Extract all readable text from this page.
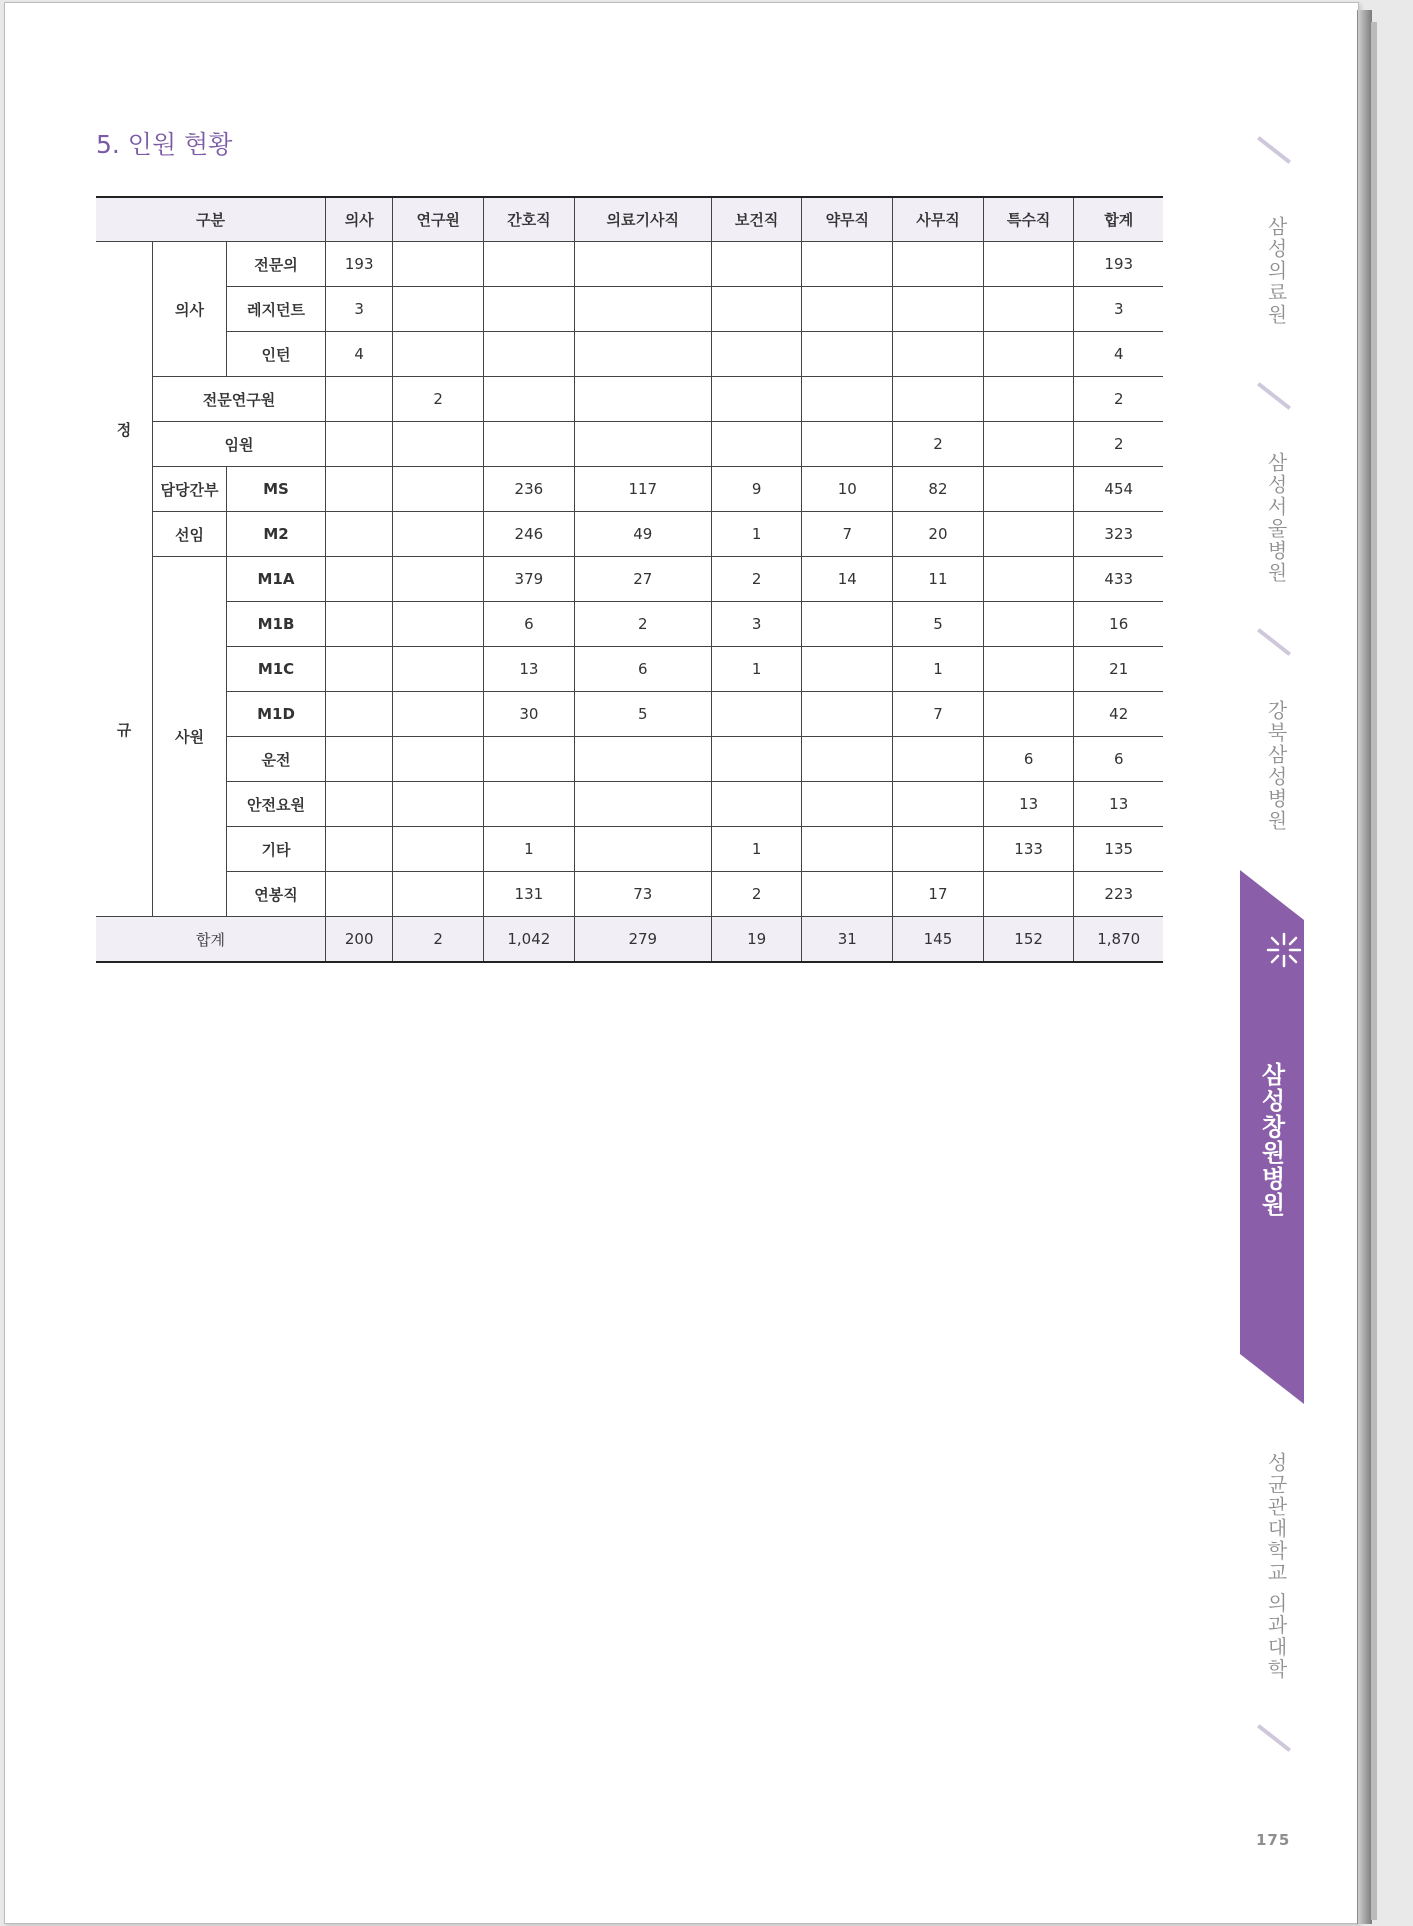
5. 인원 현황
구분			의사	연구원	간호직	의료기사직	보건직	약무직	사무직	특수직	합계

정
규	의사	전문의	193								193
		레지던트	3								3
		인턴	4								4
	전문연구원			2							2
	임원								2		2
	담당간부	MS			236	117	9	10	82		454
	선임	M2			246	49	1	7	20		323
	사원	M1A			379	27	2	14	11		433
		M1B			6	2	3		5		16
		M1C			13	6	1		1		21
		M1D			30	5			7		42
		운전								6	6
		안전요원								13	13
		기타			1		1			133	135
		연봉직			131	73	2		17		223
합계			200	2	1,042	279	19	31	145	152	1,870
삼성의료원
삼성서울병원
강북삼성병원
삼성창원병원
성균관대학교 의과대학
175
